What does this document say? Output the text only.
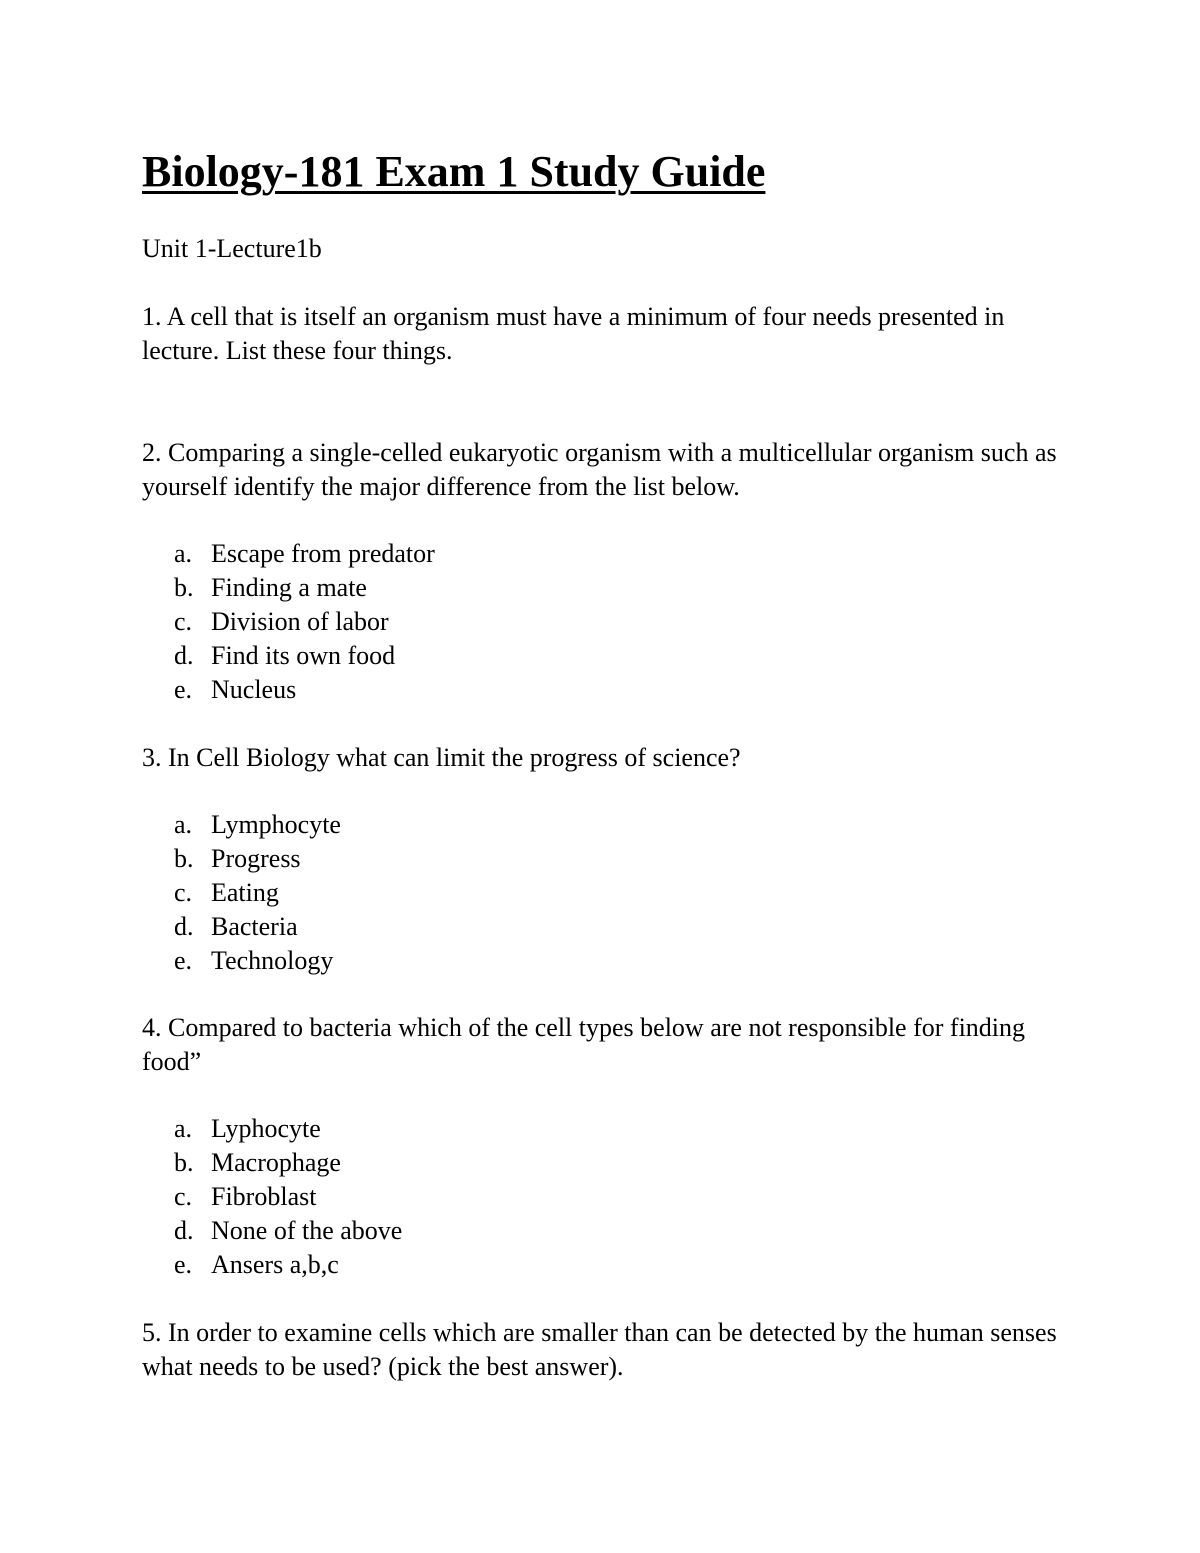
Biology-181 Exam 1 Study Guide

Unit 1-Lecture1b

1. A cell that is itself an organism must have a minimum of four needs presented in lecture. List these four things.

2. Comparing a single-celled eukaryotic organism with a multicellular organism such as yourself identify the major difference from the list below.

a. Escape from predator
b. Finding a mate
c. Division of labor
d. Find its own food
e. Nucleus

3. In Cell Biology what can limit the progress of science?

a. Lymphocyte
b. Progress
c. Eating
d. Bacteria
e. Technology

4. Compared to bacteria which of the cell types below are not responsible for finding food”

a. Lyphocyte
b. Macrophage
c. Fibroblast
d. None of the above
e. Ansers a,b,c

5. In order to examine cells which are smaller than can be detected by the human senses what needs to be used? (pick the best answer).
